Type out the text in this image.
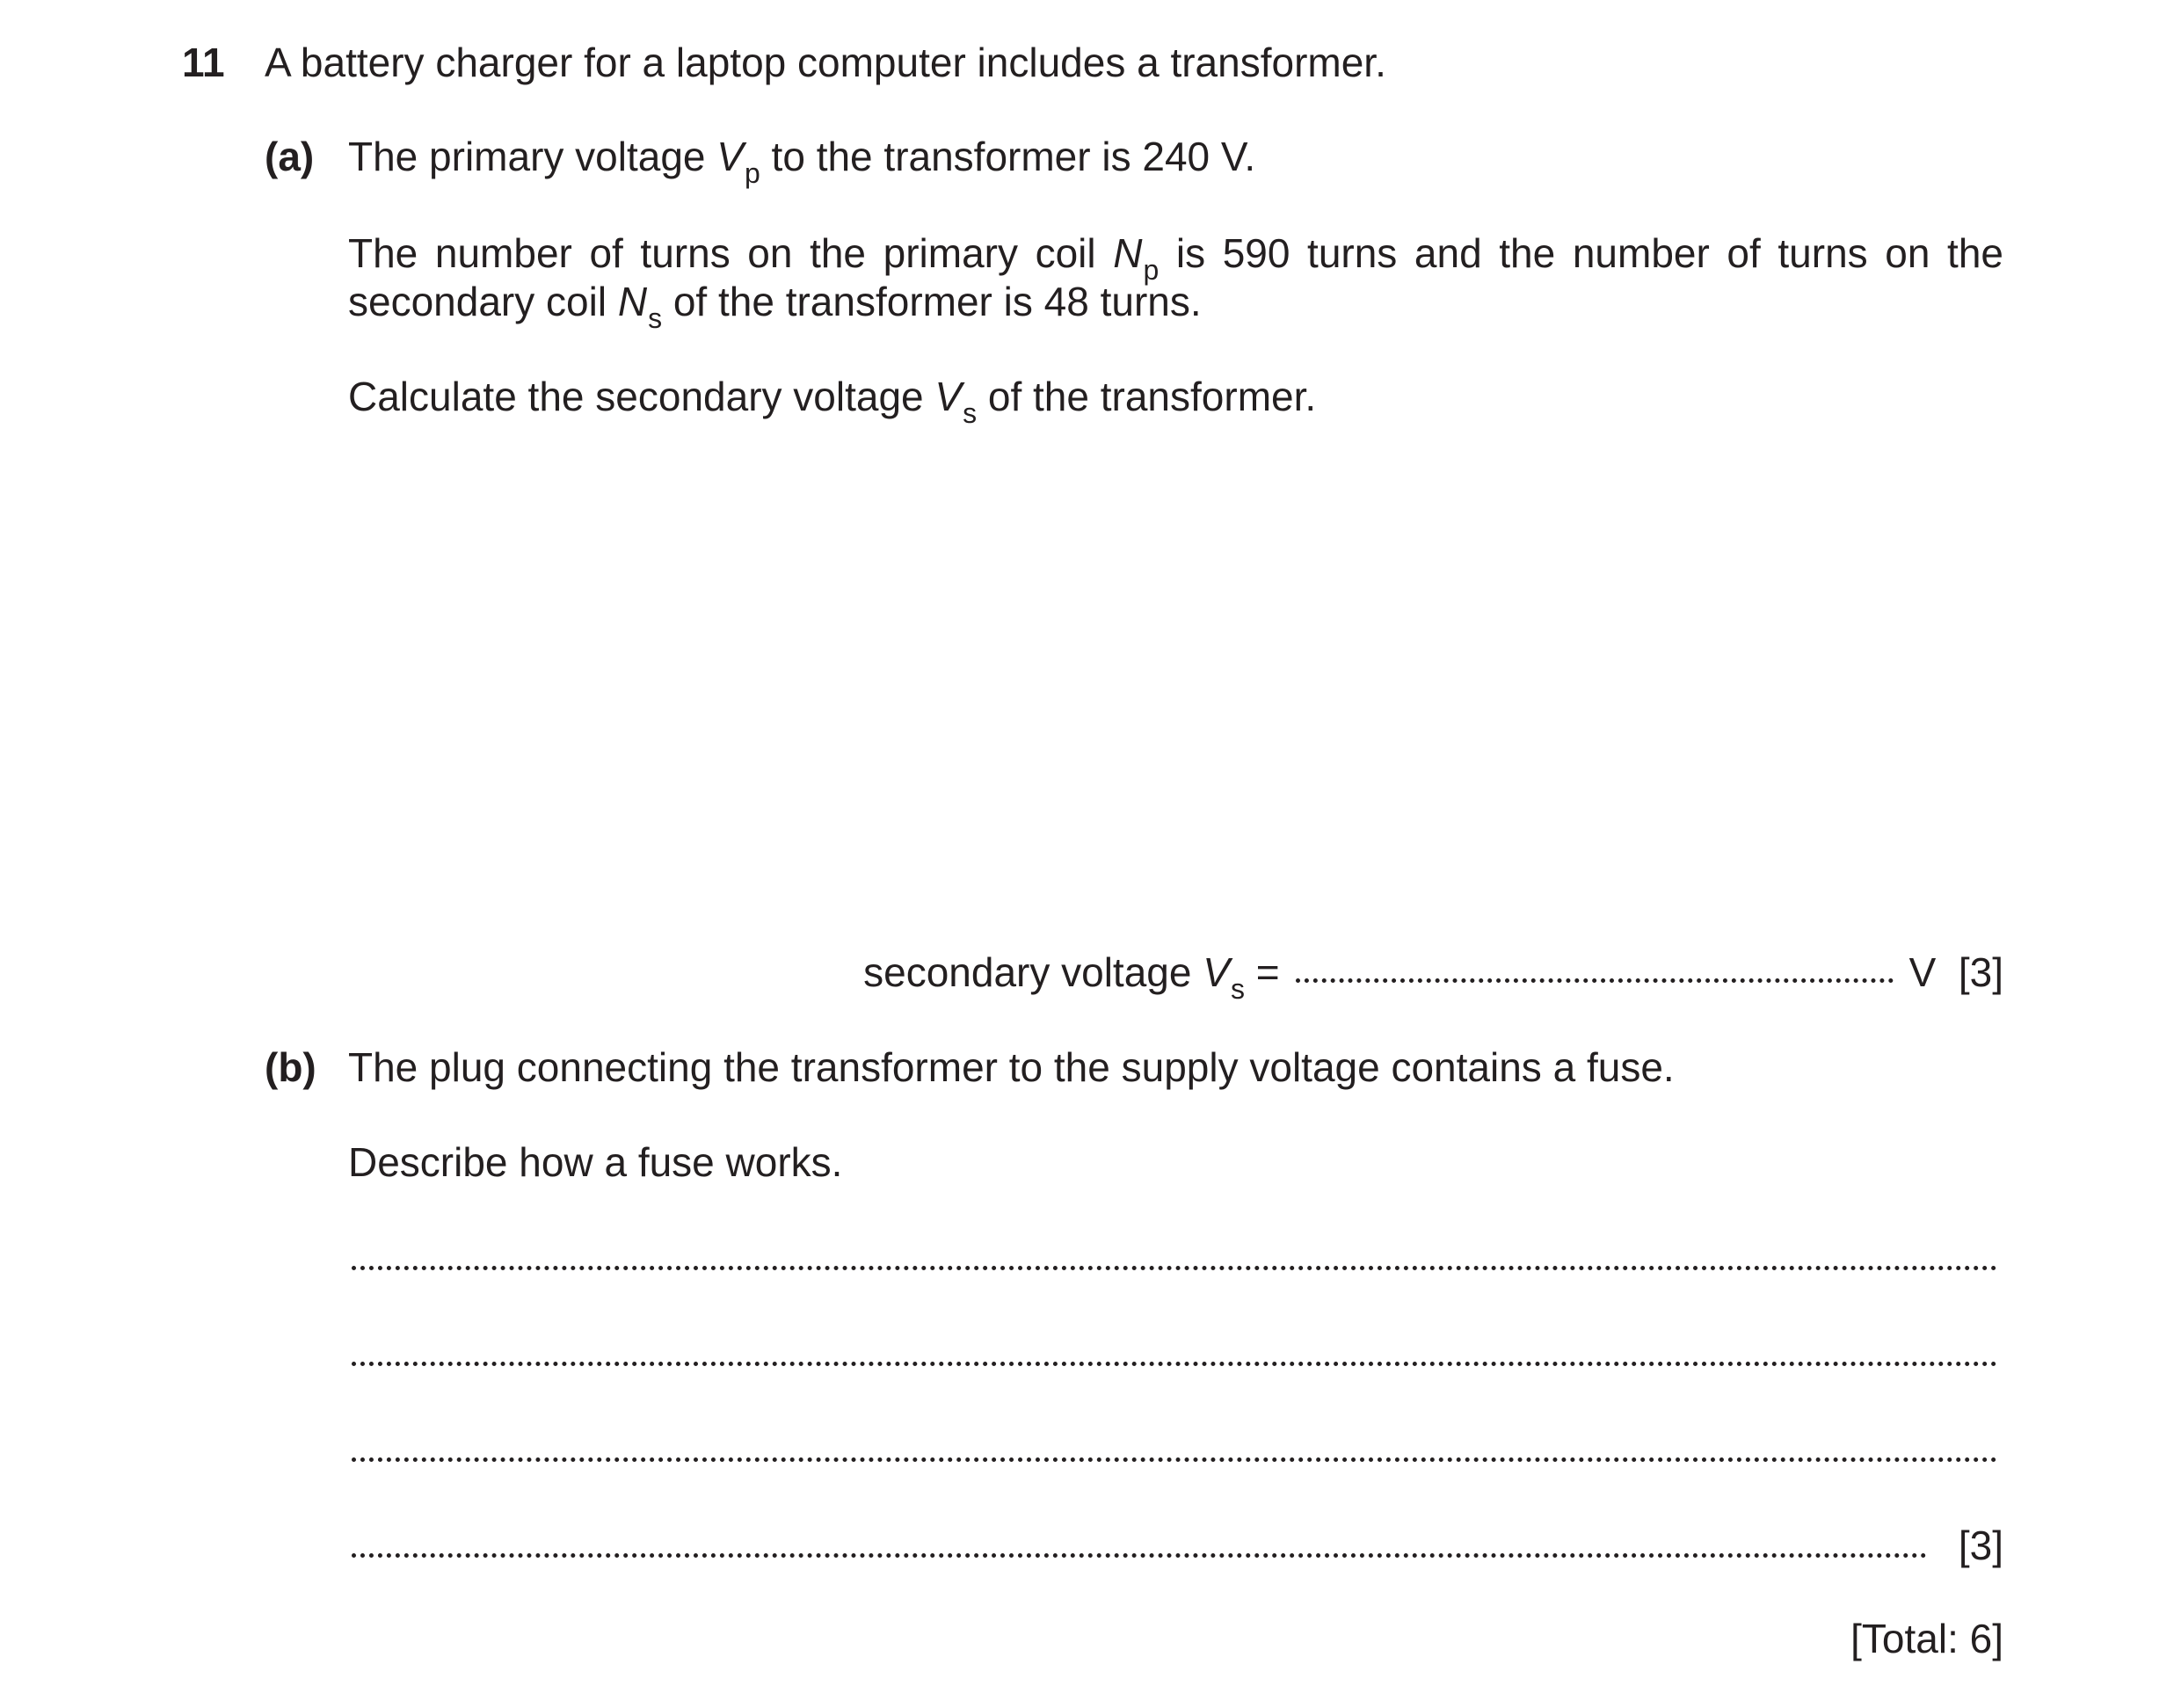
11 A battery charger for a laptop computer includes a transformer.
(a) The primary voltage $V_p$ to the transformer is 240 V.
The number of turns on the primary coil $N_p$ is 590 turns and the number of turns on the
secondary coil $N_s$ of the transformer is 48 turns.
Calculate the secondary voltage $V_s$ of the transformer.
secondary voltage $V_s$ =	V [3]
(b) The plug connecting the transformer to the supply voltage contains a fuse.
Describe how a fuse works.
[3]
[Total: 6]
